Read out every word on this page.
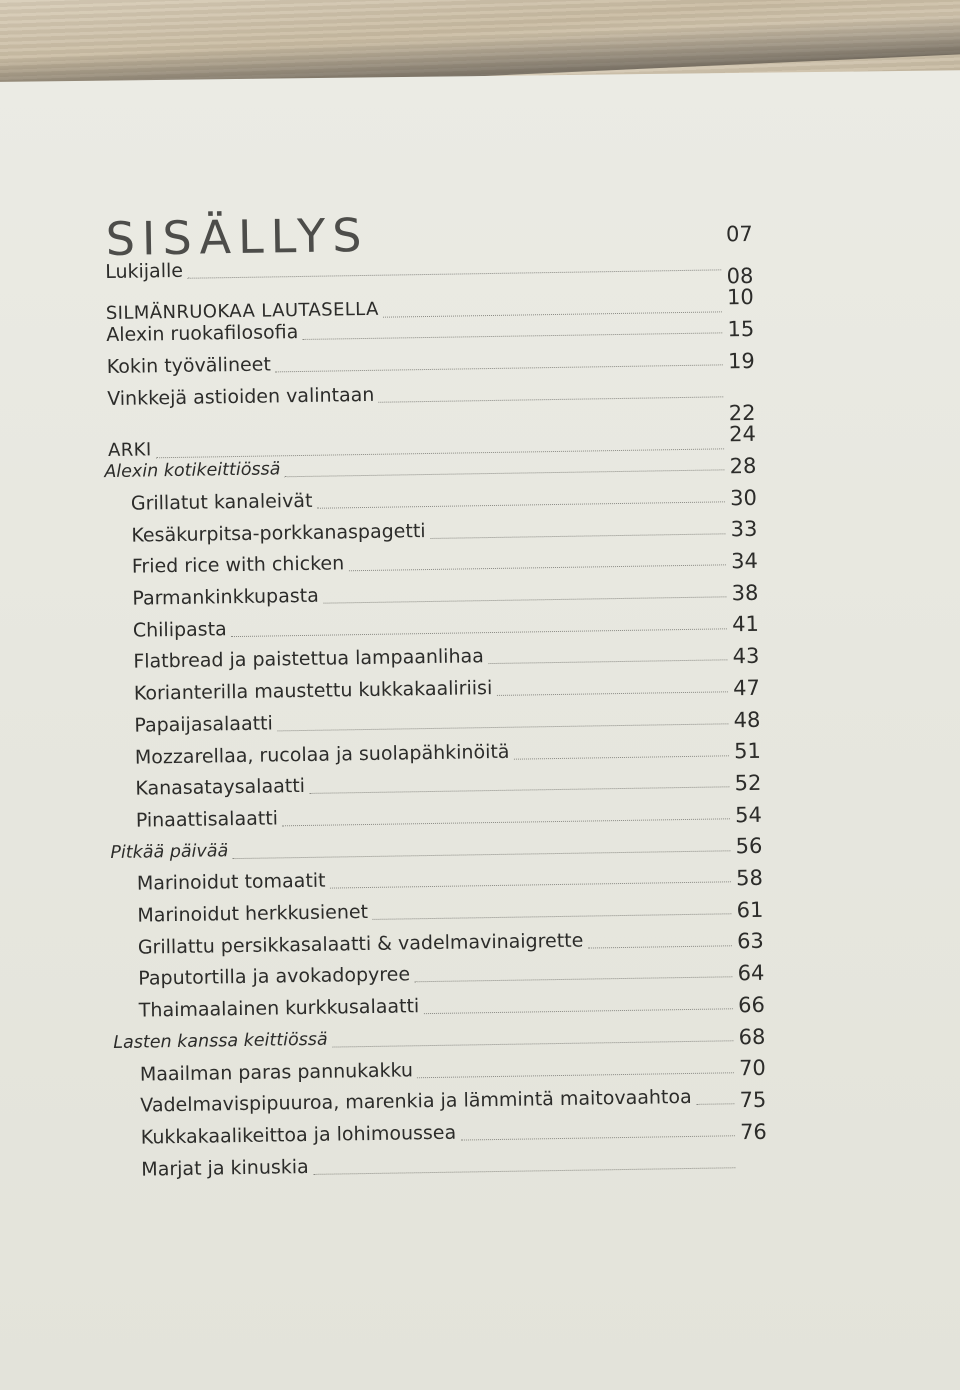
SISÄLLYS
Lukijalle
07
SILMÄNRUOKAA LAUTASELLA
08
Alexin ruokafilosofia
10
Kokin työvälineet
15
Vinkkejä astioiden valintaan
19
ARKI
22
Alexin kotikeittiössä
24
Grillatut kanaleivät
28
Kesäkurpitsa-porkkanaspagetti
30
Fried rice with chicken
33
Parmankinkkupasta
34
Chilipasta
38
Flatbread ja paistettua lampaanlihaa
41
Korianterilla maustettu kukkakaaliriisi
43
Papaijasalaatti
47
Mozzarellaa, rucolaa ja suolapähkinöitä
48
Kanasataysalaatti
51
Pinaattisalaatti
52
Pitkää päivää
54
Marinoidut tomaatit
56
Marinoidut herkkusienet
58
Grillattu persikkasalaatti & vadelmavinaigrette
61
Paputortilla ja avokadopyree
63
Thaimaalainen kurkkusalaatti
64
Lasten kanssa keittiössä
66
Maailman paras pannukakku
68
Vadelmavispipuuroa, marenkia ja lämmintä maitovaahtoa
70
Kukkakaalikeittoa ja lohimoussea
75
Marjat ja kinuskia
76
